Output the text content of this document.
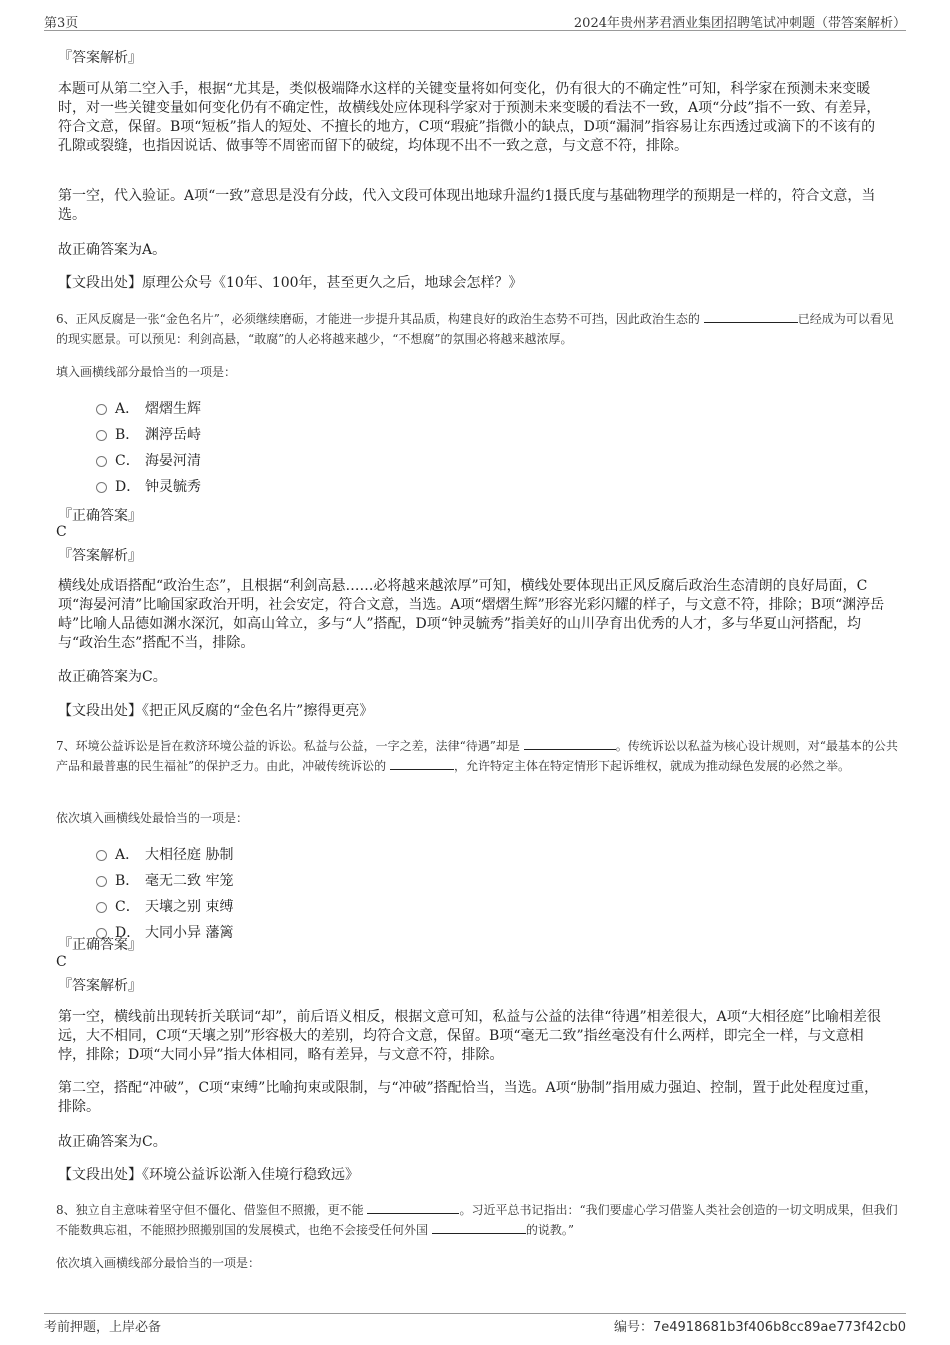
第3页	2024年贵州茅君酒业集团招聘笔试冲刺题（带答案解析）
『答案解析』

本题可从第二空入手，根据“尤其是，类似极端降水这样的关键变量将如何变化，仍有很大的不确定性”可知，科学家在预测未来变暖时，对一些关键变量如何变化仍有不确定性，故横线处应体现科学家对于预测未来变暖的看法不一致，A项“分歧”指不一致、有差异，符合文意，保留。B项“短板”指人的短处、不擅长的地方，C项“瑕疵”指微小的缺点，D项“漏洞”指容易让东西透过或滴下的不该有的孔隙或裂缝，也指因说话、做事等不周密而留下的破绽，均体现不出不一致之意，与文意不符，排除。

第一空，代入验证。A项“一致”意思是没有分歧，代入文段可体现出地球升温约1摄氏度与基础物理学的预期是一样的，符合文意，当选。

故正确答案为A。
【文段出处】原理公众号《10年、100年，甚至更久之后，地球会怎样？》
6、正风反腐是一张“金色名片”，必须继续磨砺，才能进一步提升其品质，构建良好的政治生态势不可挡，因此政治生态的	已经成为可以看见的现实愿景。可以预见：利剑高悬，“敢腐”的人必将越来越少，“不想腐”的氛围必将越来越浓厚。
填入画横线部分最恰当的一项是：
A． 熠熠生辉
B． 渊渟岳峙
C． 海晏河清
D． 钟灵毓秀
『正确答案』
C
『答案解析』

横线处成语搭配“政治生态”，且根据“利剑高悬……必将越来越浓厚”可知，横线处要体现出正风反腐后政治生态清朗的良好局面，C项“海晏河清”比喻国家政治开明，社会安定，符合文意，当选。A项“熠熠生辉”形容光彩闪耀的样子，与文意不符，排除；B项“渊渟岳峙”比喻人品德如渊水深沉，如高山耸立，多与“人”搭配，D项“钟灵毓秀”指美好的山川孕育出优秀的人才，多与华夏山河搭配，均与“政治生态”搭配不当，排除。

故正确答案为C。
【文段出处】《把正风反腐的“金色名片”擦得更亮》
7、环境公益诉讼是旨在救济环境公益的诉讼。私益与公益，一字之差，法律“待遇”却是	。传统诉讼以私益为核心设计规则，对“最基本的公共产品和最普惠的民生福祉”的保护乏力。由此，冲破传统诉讼的	，允许特定主体在特定情形下起诉维权，就成为推动绿色发展的必然之举。
依次填入画横线处最恰当的一项是：
A． 大相径庭 胁制
B． 毫无二致 牢笼
C． 天壤之别 束缚
D． 大同小异 藩篱
『正确答案』
C
『答案解析』

第一空，横线前出现转折关联词“却”，前后语义相反，根据文意可知，私益与公益的法律“待遇”相差很大，A项“大相径庭”比喻相差很远，大不相同，C项“天壤之别”形容极大的差别，均符合文意，保留。B项“毫无二致”指丝毫没有什么两样，即完全一样，与文意相悖，排除；D项“大同小异”指大体相同，略有差异，与文意不符，排除。

第二空，搭配“冲破”，C项“束缚”比喻拘束或限制，与“冲破”搭配恰当，当选。A项“胁制”指用威力强迫、控制，置于此处程度过重，排除。

故正确答案为C。
【文段出处】《环境公益诉讼渐入佳境行稳致远》
8、独立自主意味着坚守但不僵化、借鉴但不照搬，更不能	。习近平总书记指出：“我们要虚心学习借鉴人类社会创造的一切文明成果，但我们不能数典忘祖，不能照抄照搬别国的发展模式，也绝不会接受任何外国	的说教。”
依次填入画横线部分最恰当的一项是：
考前押题，上岸必备	编号：7e4918681b3f406b8cc89ae773f42cb0
